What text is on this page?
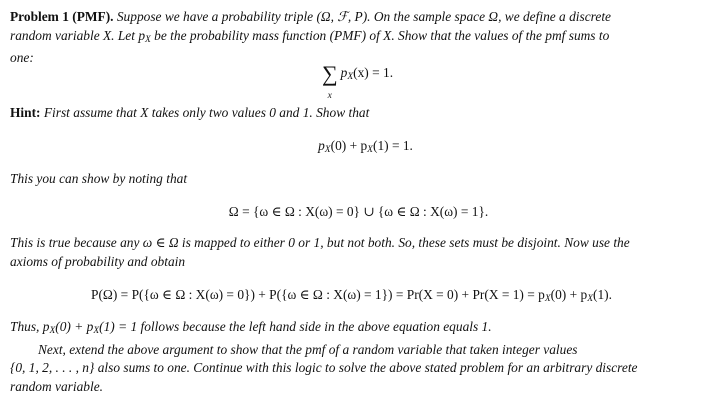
Problem 1 (PMF). Suppose we have a probability triple (Ω, ℱ, P). On the sample space Ω, we define a discrete
random variable X. Let $p_X$ be the probability mass function (PMF) of X. Show that the values of the pmf sums to
one:
∑
x
$p_X(x) = 1$.
Hint: First assume that X takes only two values 0 and 1. Show that
$p_X(0) + p_X(1) = 1$.
This you can show by noting that
Ω = {ω ∈ Ω : X(ω) = 0} ∪ {ω ∈ Ω : X(ω) = 1}.
This is true because any ω ∈ Ω is mapped to either 0 or 1, but not both. So, these sets must be disjoint. Now use the
axioms of probability and obtain
P(Ω) = P({ω ∈ Ω : X(ω) = 0}) + P({ω ∈ Ω : $X(\omega) = 1\}) = Pr(X = 0) + Pr(X = 1) = p_X(0) + p_X(1)$.
Thus, $p_X(0) + p_X(1) = 1$ follows because the left hand side in the above equation equals 1.
Next, extend the above argument to show that the pmf of a random variable that taken integer values
{0, 1, 2, . . . , n} also sums to one. Continue with this logic to solve the above stated problem for an arbitrary discrete
random variable.
